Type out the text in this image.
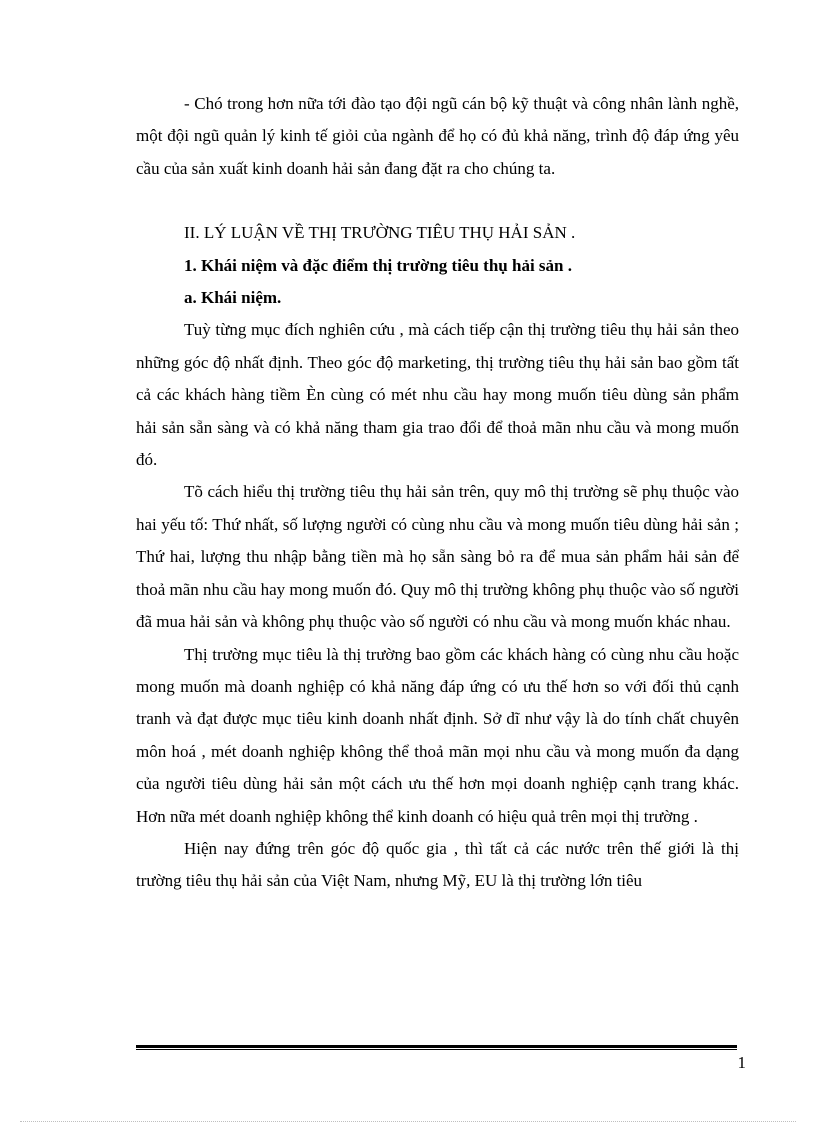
- Chó trong hơn nữa tới đào tạo đội ngũ cán bộ kỹ thuật và công nhân lành nghề, một đội ngũ quản lý kinh tế giỏi của ngành để họ có đủ khả năng, trình độ đáp ứng yêu cầu của sản xuất kinh doanh hải sản đang đặt ra cho chúng ta.

II. LÝ LUẬN VỀ THỊ TRƯỜNG TIÊU THỤ HẢI SẢN .
1. Khái niệm và đặc điểm thị trường tiêu thụ hải sản .
a. Khái niệm.

Tuỳ từng mục đích nghiên cứu , mà cách tiếp cận thị trường tiêu thụ hải sản theo những góc độ nhất định. Theo góc độ marketing, thị trường tiêu thụ hải sản bao gồm tất cả các khách hàng tiềm Èn cùng có mét nhu cầu hay mong muốn tiêu dùng sản phẩm hải sản sẵn sàng và có khả năng tham gia trao đổi để thoả mãn nhu cầu và mong muốn đó.

Tõ cách hiểu thị trường tiêu thụ hải sản trên, quy mô thị trường sẽ phụ thuộc vào hai yếu tố: Thứ nhất, số lượng người có cùng nhu cầu và mong muốn tiêu dùng hải sản ; Thứ hai, lượng thu nhập bằng tiền mà họ sẵn sàng bỏ ra để mua sản phẩm hải sản để thoả mãn nhu cầu hay mong muốn đó. Quy mô thị trường không phụ thuộc vào số người đã mua hải sản và không phụ thuộc vào số người có nhu cầu và mong muốn khác nhau.

Thị trường mục tiêu là thị trường bao gồm các khách hàng có cùng nhu cầu hoặc mong muốn mà doanh nghiệp có khả năng đáp ứng có ưu thế hơn so với đối thủ cạnh tranh và đạt được mục tiêu kinh doanh nhất định. Sở dĩ như vậy là do tính chất chuyên môn hoá , mét doanh nghiệp không thể thoả mãn mọi nhu cầu và mong muốn đa dạng của người tiêu dùng hải sản một cách ưu thế hơn mọi doanh nghiệp cạnh trang khác. Hơn nữa mét doanh nghiệp không thể kinh doanh có hiệu quả trên mọi thị trường .

Hiện nay đứng trên góc độ quốc gia , thì tất cả các nước trên thế giới là thị trường tiêu thụ hải sản của Việt Nam, nhưng Mỹ, EU là thị trường lớn tiêu

1
